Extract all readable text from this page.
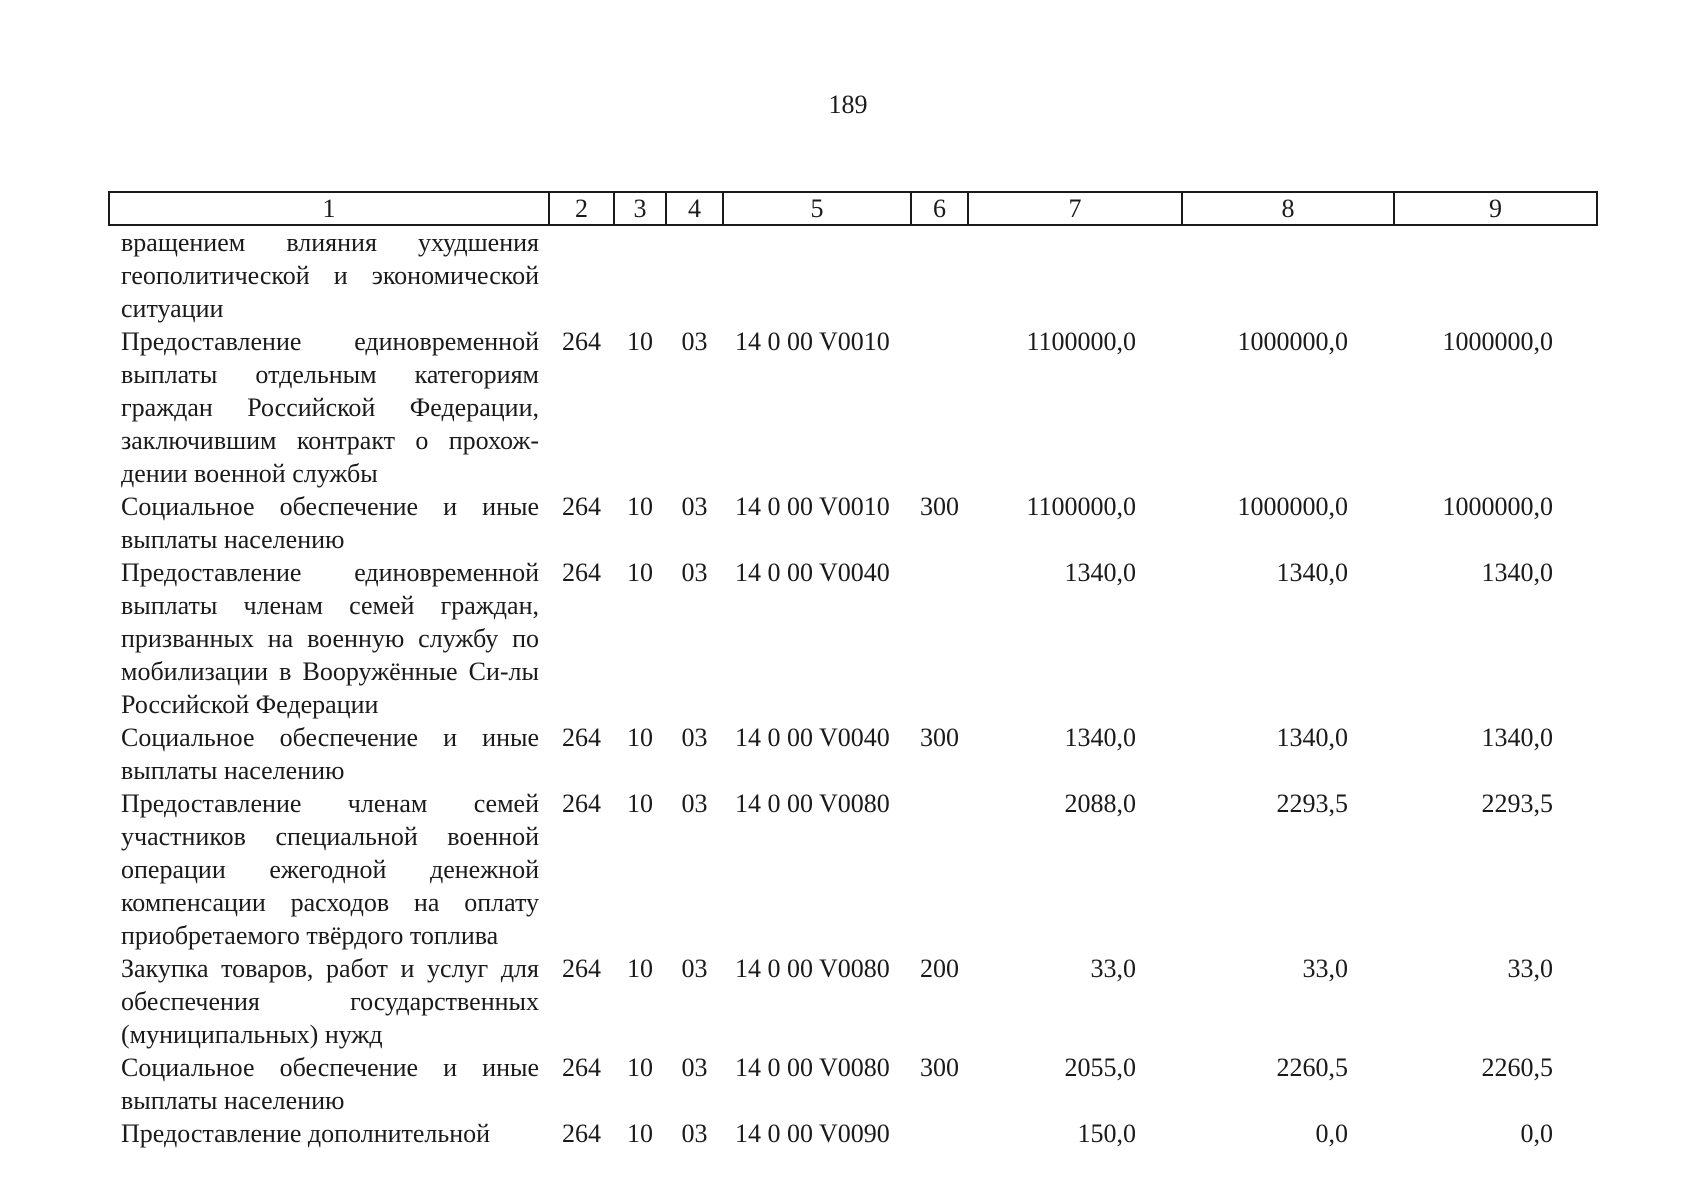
189
1	2	3	4	5	6	7	8	9
вращением влияния ухудшения геополитической и экономической ситуации								
Предоставление единовременной выплаты отдельным категориям граждан Российской Федерации, заключившим контракт о прохож-дении военной службы	264	10	03	14 0 00 V0010		1100000,0	1000000,0	1000000,0
Социальное обеспечение и иные выплаты населению	264	10	03	14 0 00 V0010	300	1100000,0	1000000,0	1000000,0
Предоставление единовременной выплаты членам семей граждан, призванных на военную службу по мобилизации в Вооружённые Си-лы Российской Федерации	264	10	03	14 0 00 V0040		1340,0	1340,0	1340,0
Социальное обеспечение и иные выплаты населению	264	10	03	14 0 00 V0040	300	1340,0	1340,0	1340,0
Предоставление членам семей участников специальной военной операции ежегодной денежной компенсации расходов на оплату приобретаемого твёрдого топлива	264	10	03	14 0 00 V0080		2088,0	2293,5	2293,5
Закупка товаров, работ и услуг для обеспечения государственных (муниципальных) нужд	264	10	03	14 0 00 V0080	200	33,0	33,0	33,0
Социальное обеспечение и иные выплаты населению	264	10	03	14 0 00 V0080	300	2055,0	2260,5	2260,5
Предоставление дополнительной	264	10	03	14 0 00 V0090		150,0	0,0	0,0
